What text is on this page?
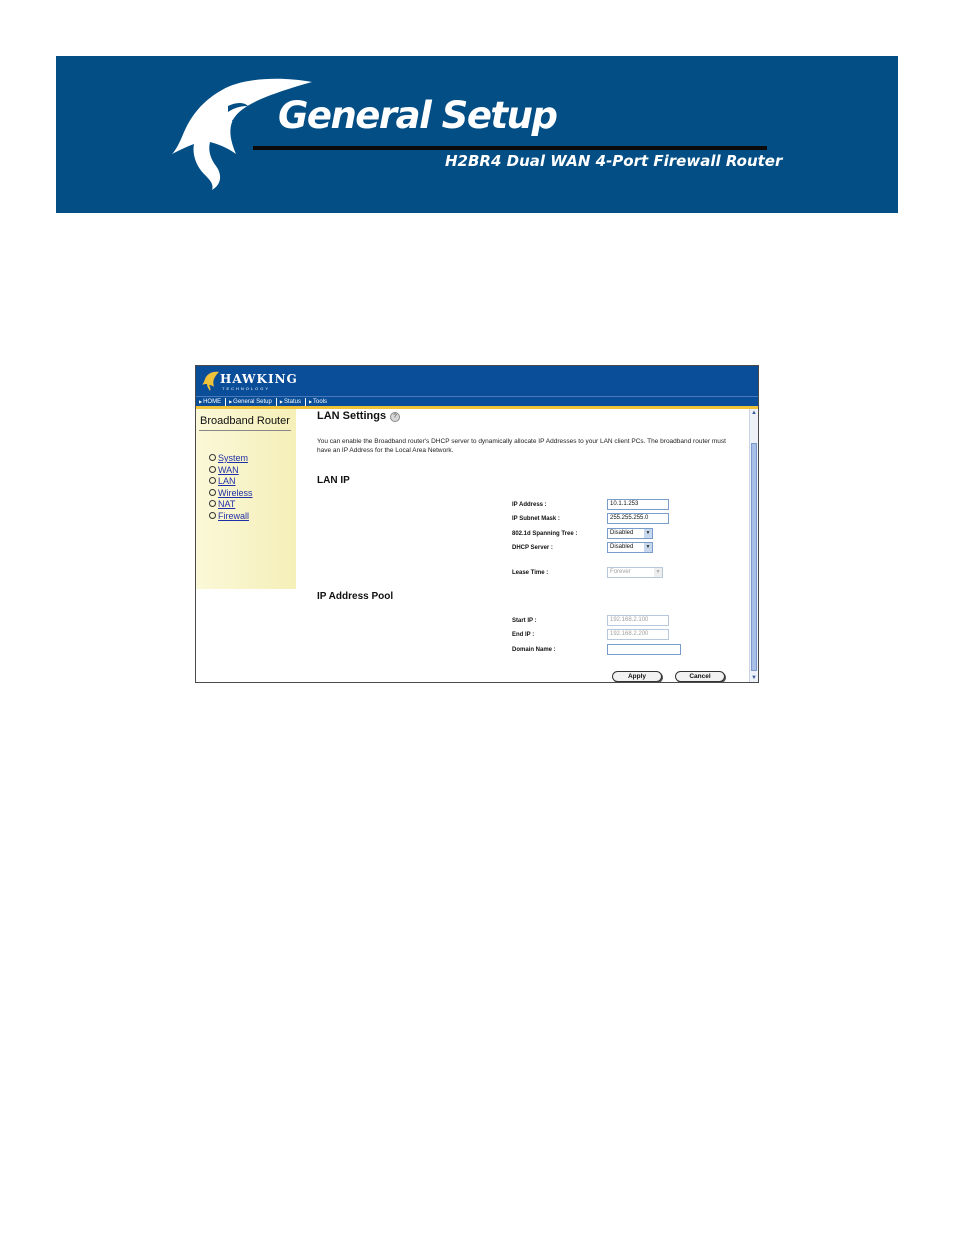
General Setup
H2BR4 Dual WAN 4-Port Firewall Router
HAWKING
TECHNOLOGY
▶HOME	▶General Setup	▶Status	▶Tools
Broadband Router
System
WAN
LAN
Wireless
NAT
Firewall
LAN Settings	?
You can enable the Broadband router's DHCP server to dynamically allocate IP Addresses to your LAN client PCs. The broadband router must have an IP Address for the Local Area Network.
LAN IP
IP Address :	10.1.1.253
IP Subnet Mask :	255.255.255.0
802.1d Spanning Tree :	Disabled	▼
DHCP Server :	Disabled	▼
Lease Time :	Forever	▼
IP Address Pool
Start IP :	192.168.2.100
End IP :	192.168.2.200
Domain Name :
Apply	Cancel
▲
▼
